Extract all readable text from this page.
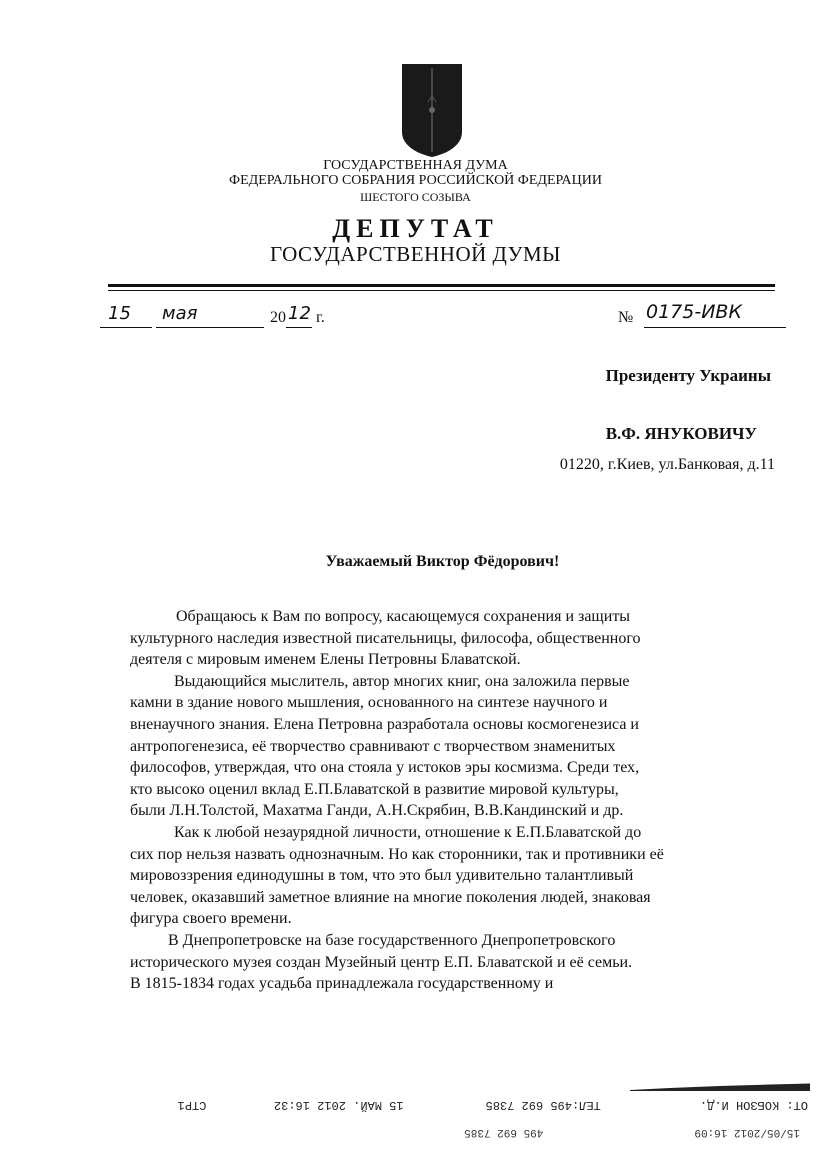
ГОСУДАРСТВЕННАЯ ДУМА
ФЕДЕРАЛЬНОГО СОБРАНИЯ РОССИЙСКОЙ ФЕДЕРАЦИИ
ШЕСТОГО СОЗЫВА
ДЕПУТАТ
ГОСУДАРСТВЕННОЙ ДУМЫ
15 мая	20 12 г.	№ 0175-ИВК
Президенту Украины
В.Ф. ЯНУКОВИЧУ
01220, г.Киев, ул.Банковая, д.11
Уважаемый Виктор Фёдорович!

Обращаюсь к Вам по вопросу, касающемуся сохранения и защиты

культурного наследия известной писательницы, философа, общественного

деятеля с мировым именем Елены Петровны Блаватской.

Выдающийся мыслитель, автор многих книг, она заложила первые

камни в здание нового мышления, основанного на синтезе научного и

вненаучного знания. Елена Петровна разработала основы космогенезиса и

антропогенезиса, её творчество сравнивают с творчеством знаменитых

философов, утверждая, что она стояла у истоков эры космизма. Среди тех,

кто высоко оценил вклад Е.П.Блаватской в развитие мировой культуры,

были Л.Н.Толстой, Махатма Ганди, А.Н.Скрябин, В.В.Кандинский и др.

Как к любой незаурядной личности, отношение к Е.П.Блаватской до

сих пор нельзя назвать однозначным. Но как сторонники, так и противники её

мировоззрения единодушны в том, что это был удивительно талантливый

человек, оказавший заметное влияние на многие поколения людей, знаковая

фигура своего времени.

В Днепропетровске на базе государственного Днепропетровского

исторического музея создан Музейный центр Е.П. Блаватской и её семьи.

В 1815-1834 годах усадьба принадлежала государственному и

ОТ: КОБЗОН И.Д. ТЕЛ:495 692 7385 15 МАЙ. 2012 16:32 СТР1
15/05/2012 16:09 495 692 7385
